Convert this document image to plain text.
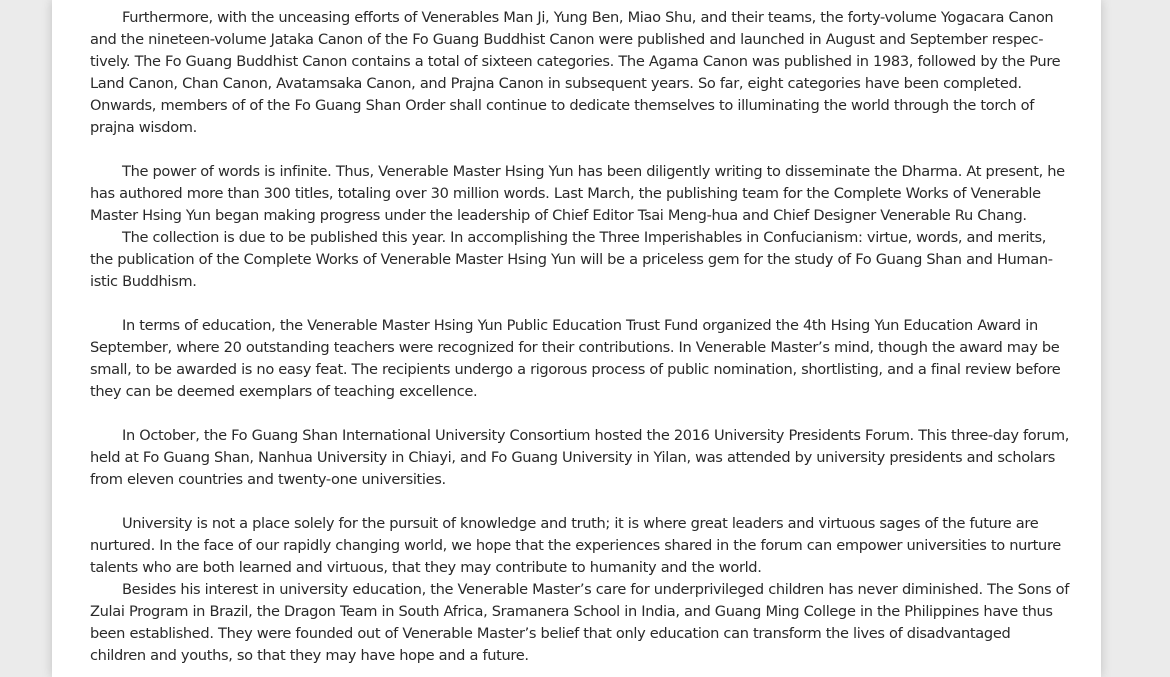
Furthermore, with the unceasing efforts of Venerables Man Ji, Yung Ben, Miao Shu, and their teams, the forty-volume Yogacara Canon and the nineteen-volume Jataka Canon of the Fo Guang Buddhist Canon were published and launched in August and September respec-tively. The Fo Guang Buddhist Canon contains a total of sixteen categories. The Agama Canon was published in 1983, followed by the Pure Land Canon, Chan Canon, Avatamsaka Canon, and Prajna Canon in subsequent years. So far, eight categories have been completed. Onwards, members of of the Fo Guang Shan Order shall continue to dedicate themselves to illuminating the world through the torch of prajna wisdom.

The power of words is infinite. Thus, Venerable Master Hsing Yun has been diligently writing to disseminate the Dharma. At present, he has authored more than 300 titles, totaling over 30 million words. Last March, the publishing team for the Complete Works of Venerable Master Hsing Yun began making progress under the leadership of Chief Editor Tsai Meng-hua and Chief Designer Venerable Ru Chang.

The collection is due to be published this year. In accomplishing the Three Imperishables in Confucianism: virtue, words, and merits, the publication of the Complete Works of Venerable Master Hsing Yun will be a priceless gem for the study of Fo Guang Shan and Human-istic Buddhism.

In terms of education, the Venerable Master Hsing Yun Public Education Trust Fund organized the 4th Hsing Yun Education Award in September, where 20 outstanding teachers were recognized for their contributions. In Venerable Master’s mind, though the award may be small, to be awarded is no easy feat. The recipients undergo a rigorous process of public nomination, shortlisting, and a final review before they can be deemed exemplars of teaching excellence.

In October, the Fo Guang Shan International University Consortium hosted the 2016 University Presidents Forum. This three-day forum, held at Fo Guang Shan, Nanhua University in Chiayi, and Fo Guang University in Yilan, was attended by university presidents and scholars from eleven countries and twenty-one universities.

University is not a place solely for the pursuit of knowledge and truth; it is where great leaders and virtuous sages of the future are nurtured. In the face of our rapidly changing world, we hope that the experiences shared in the forum can empower universities to nurture talents who are both learned and virtuous, that they may contribute to humanity and the world.

Besides his interest in university education, the Venerable Master’s care for underprivileged children has never diminished. The Sons of Zulai Program in Brazil, the Dragon Team in South Africa, Sramanera School in India, and Guang Ming College in the Philippines have thus been established. They were founded out of Venerable Master’s belief that only education can transform the lives of disadvantaged children and youths, so that they may have hope and a future.
